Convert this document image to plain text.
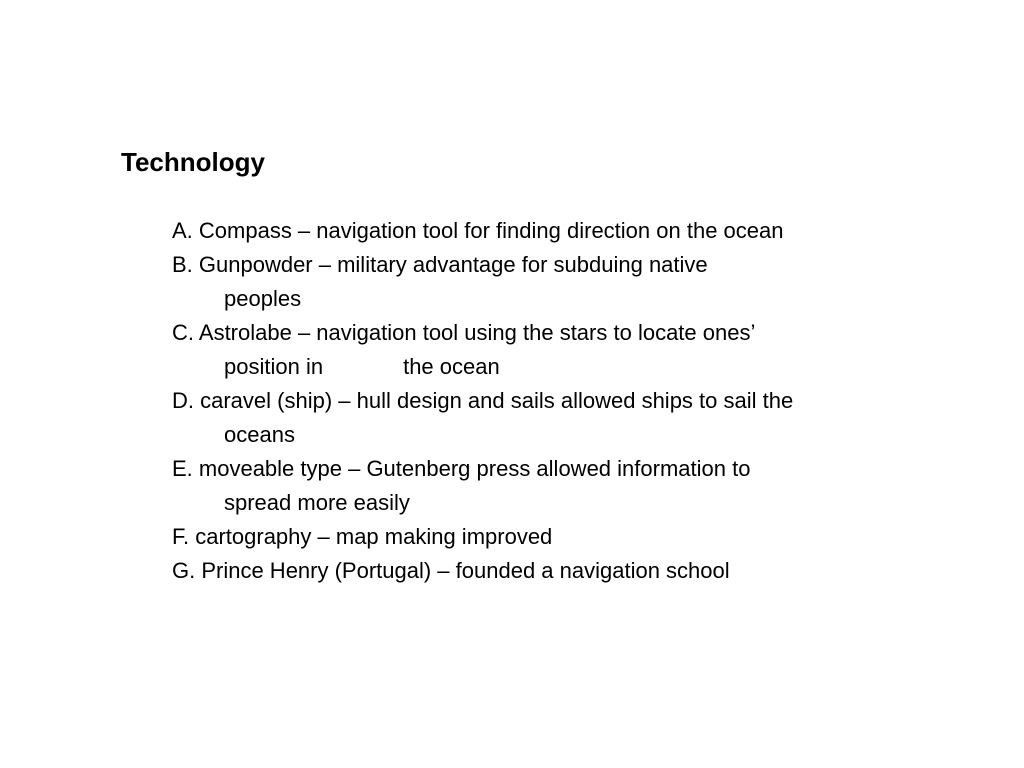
Technology
A. Compass – navigation tool for finding direction on the ocean
B. Gunpowder – military advantage for subduing native
peoples
C. Astrolabe – navigation tool using the stars to locate ones’
position in	the ocean
D. caravel (ship) – hull design and sails allowed ships to sail the
oceans
E. moveable type – Gutenberg press allowed information to
spread more easily
F. cartography – map making improved
G. Prince Henry (Portugal) – founded a navigation school
